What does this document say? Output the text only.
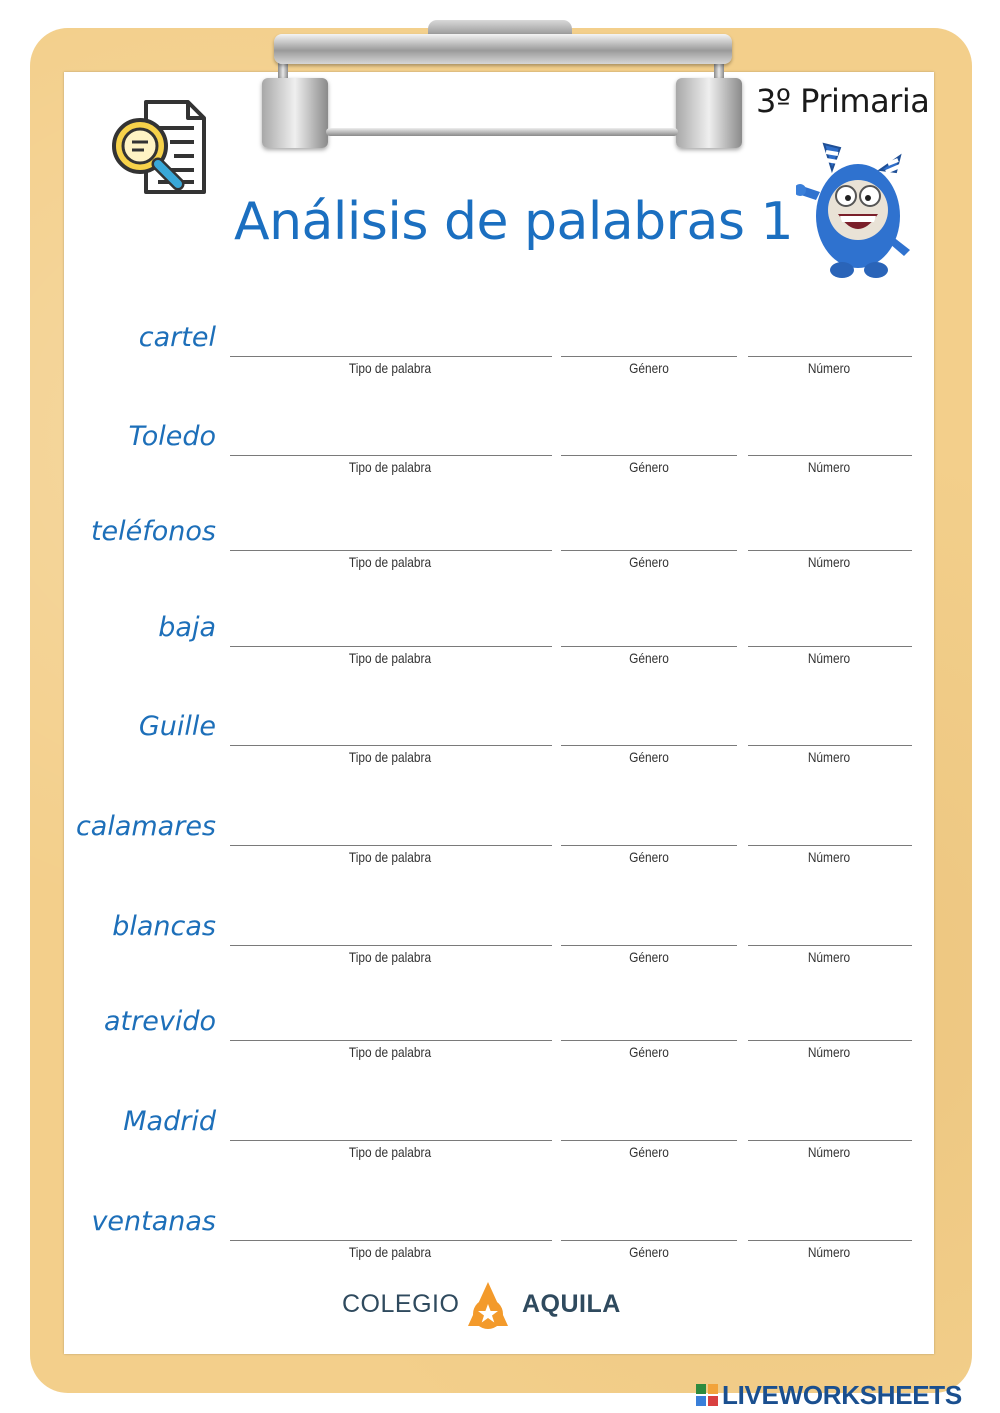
3º Primaria
Análisis de palabras 1
cartel
Tipo de palabra	Género	Número
Toledo
Tipo de palabra	Género	Número
teléfonos
Tipo de palabra	Género	Número
baja
Tipo de palabra	Género	Número
Guille
Tipo de palabra	Género	Número
calamares
Tipo de palabra	Género	Número
blancas
Tipo de palabra	Género	Número
atrevido
Tipo de palabra	Género	Número
Madrid
Tipo de palabra	Género	Número
ventanas
Tipo de palabra	Género	Número
COLEGIO	AQUILA
LIVEWORKSHEETS
